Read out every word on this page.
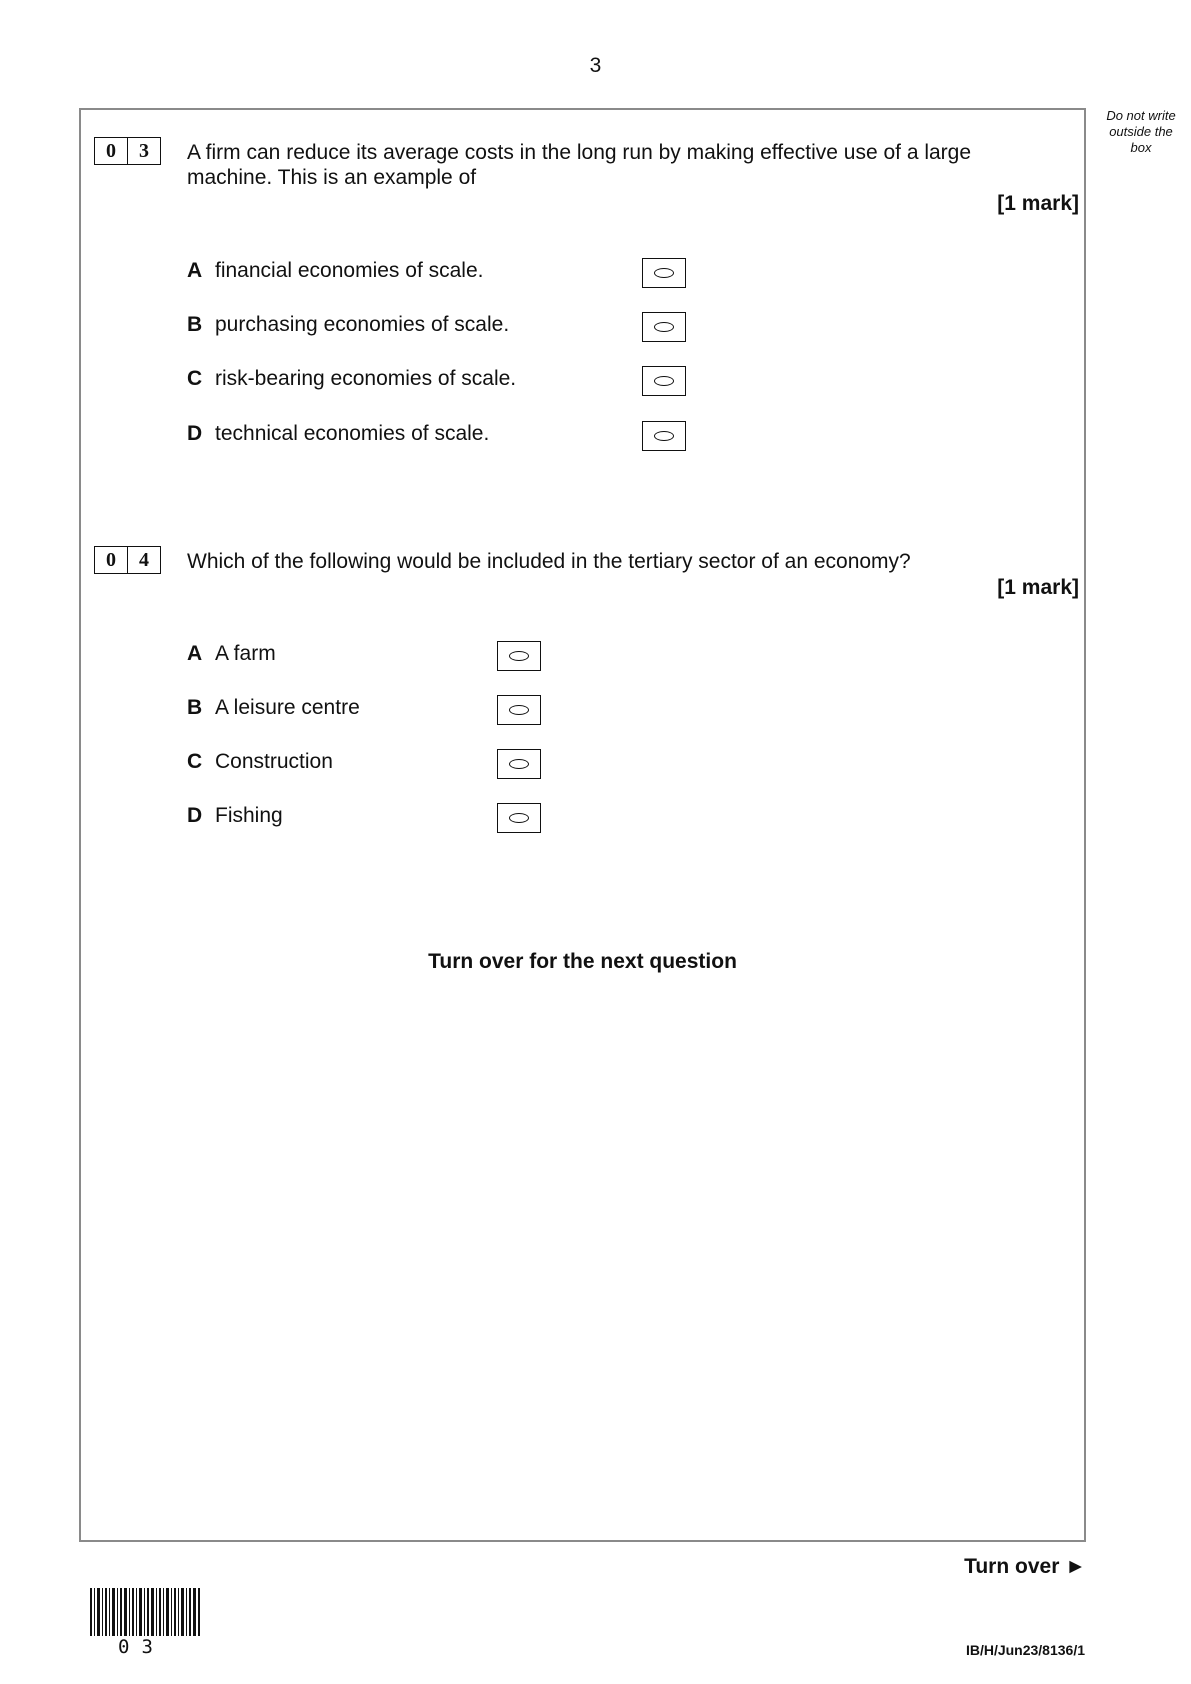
3
Do not write
outside the
box
0	3	A firm can reduce its average costs in the long run by making effective use of a large machine. This is an example of
[1 mark]
A financial economies of scale.
B purchasing economies of scale.
C risk-bearing economies of scale.
D technical economies of scale.
0	4	Which of the following would be included in the tertiary sector of an economy?
[1 mark]
A A farm
B A leisure centre
C Construction
D Fishing
Turn over for the next question
Turn over ►
03	IB/H/Jun23/8136/1
